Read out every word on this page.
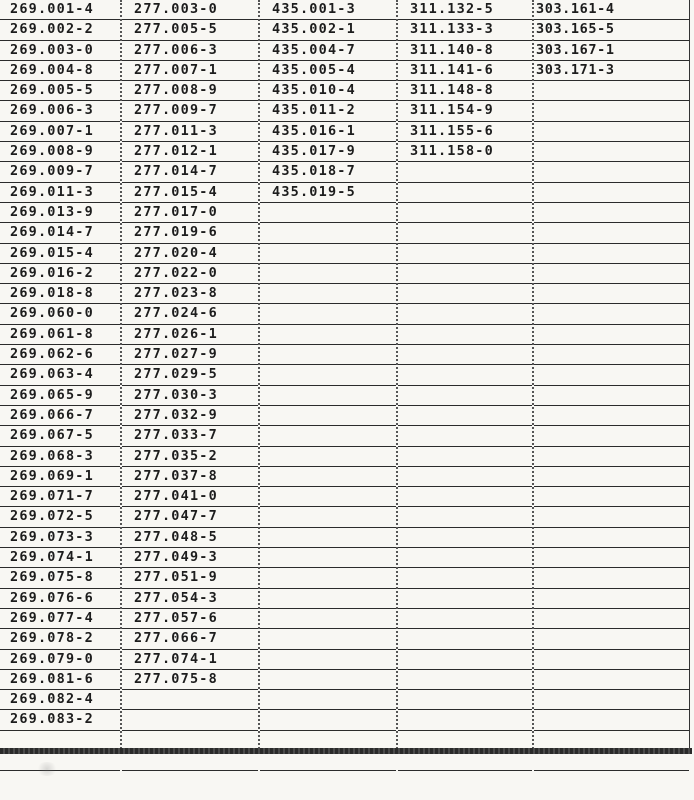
269.001-4
269.002-2
269.003-0
269.004-8
269.005-5
269.006-3
269.007-1
269.008-9
269.009-7
269.011-3
269.013-9
269.014-7
269.015-4
269.016-2
269.018-8
269.060-0
269.061-8
269.062-6
269.063-4
269.065-9
269.066-7
269.067-5
269.068-3
269.069-1
269.071-7
269.072-5
269.073-3
269.074-1
269.075-8
269.076-6
269.077-4
269.078-2
269.079-0
269.081-6
269.082-4
269.083-2
277.003-0
277.005-5
277.006-3
277.007-1
277.008-9
277.009-7
277.011-3
277.012-1
277.014-7
277.015-4
277.017-0
277.019-6
277.020-4
277.022-0
277.023-8
277.024-6
277.026-1
277.027-9
277.029-5
277.030-3
277.032-9
277.033-7
277.035-2
277.037-8
277.041-0
277.047-7
277.048-5
277.049-3
277.051-9
277.054-3
277.057-6
277.066-7
277.074-1
277.075-8
435.001-3
435.002-1
435.004-7
435.005-4
435.010-4
435.011-2
435.016-1
435.017-9
435.018-7
435.019-5
311.132-5
311.133-3
311.140-8
311.141-6
311.148-8
311.154-9
311.155-6
311.158-0
303.161-4
303.165-5
303.167-1
303.171-3
